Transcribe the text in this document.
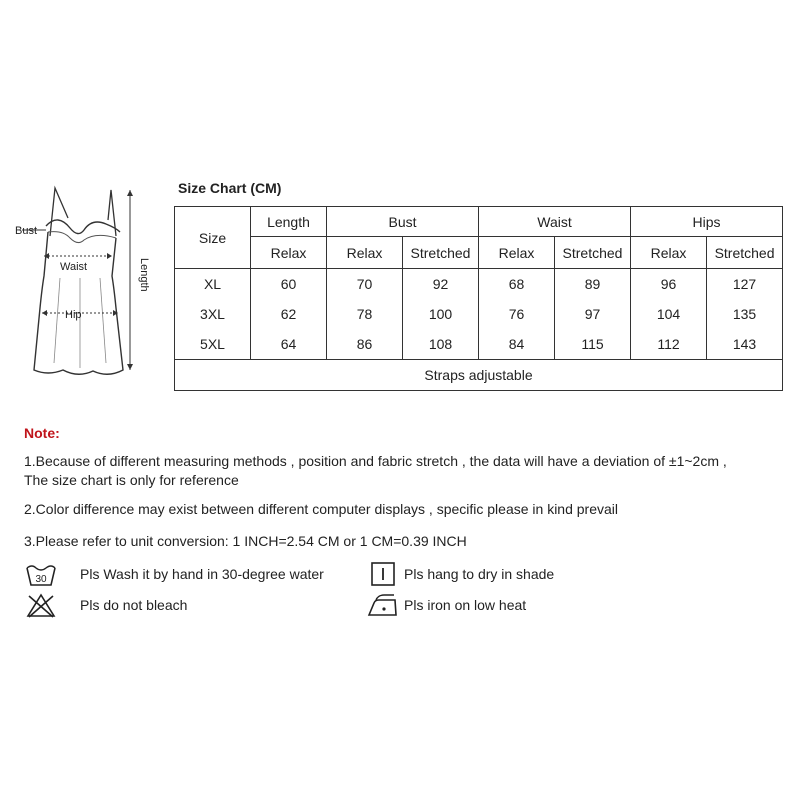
Bust
Waist
Hip
Length
Size Chart (CM)
Size	Length	Bust		Waist		Hips	
	Relax	Relax	Stretched	Relax	Stretched	Relax	Stretched
XL	60	70	92	68	89	96	127
3XL	62	78	100	76	97	104	135
5XL	64	86	108	84	115	112	143
Straps adjustable							
Note:
1.Because of different measuring methods , position and fabric stretch , the data will have a deviation of ±1~2cm ,
The size chart is only for reference
2.Color difference may exist between different computer displays , specific please in kind prevail
3.Please refer to unit conversion: 1 INCH=2.54 CM or 1 CM=0.39 INCH
30 Pls Wash it by hand in 30-degree water
Pls do not bleach
Pls hang to dry in shade
Pls iron on low heat
